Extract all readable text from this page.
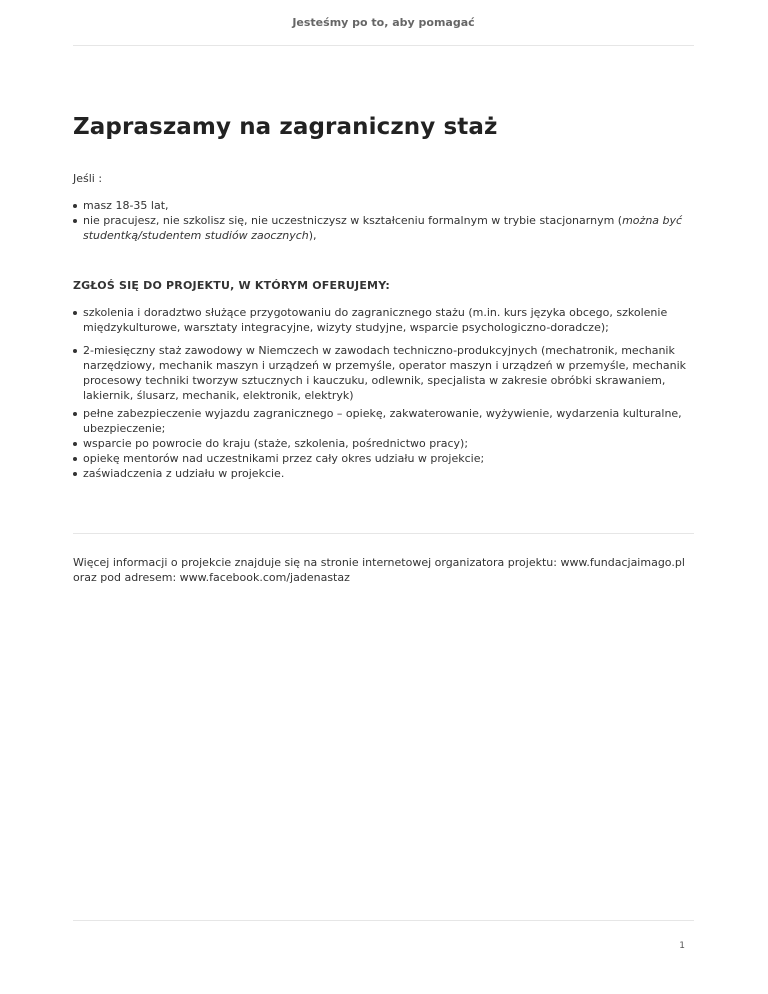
Jesteśmy po to, aby pomagać
Zapraszamy na zagraniczny staż

Jeśli :

masz 18-35 lat,
nie pracujesz, nie szkolisz się, nie uczestniczysz w kształceniu formalnym w trybie stacjonarnym (można być studentką/studentem studiów zaocznych),
ZGŁOŚ SIĘ DO PROJEKTU, W KTÓRYM OFERUJEMY:
szkolenia i doradztwo służące przygotowaniu do zagranicznego stażu (m.in. kurs języka obcego, szkolenie międzykulturowe, warsztaty integracyjne, wizyty studyjne, wsparcie psychologiczno-doradcze);
2-miesięczny staż zawodowy w Niemczech w zawodach techniczno-produkcyjnych (mechatronik, mechanik narzędziowy, mechanik maszyn i urządzeń w przemyśle, operator maszyn i urządzeń w przemyśle, mechanik procesowy techniki tworzyw sztucznych i kauczuku, odlewnik, specjalista w zakresie obróbki skrawaniem, lakiernik, ślusarz, mechanik, elektronik, elektryk)
pełne zabezpieczenie wyjazdu zagranicznego – opiekę, zakwaterowanie, wyżywienie, wydarzenia kulturalne, ubezpieczenie;
wsparcie po powrocie do kraju (staże, szkolenia, pośrednictwo pracy);
opiekę mentorów nad uczestnikami przez cały okres udziału w projekcie;
zaświadczenia z udziału w projekcie.

Więcej informacji o projekcie znajduje się na stronie internetowej organizatora projektu: www.fundacjaimago.pl oraz pod adresem: www.facebook.com/jadenastaz

1
